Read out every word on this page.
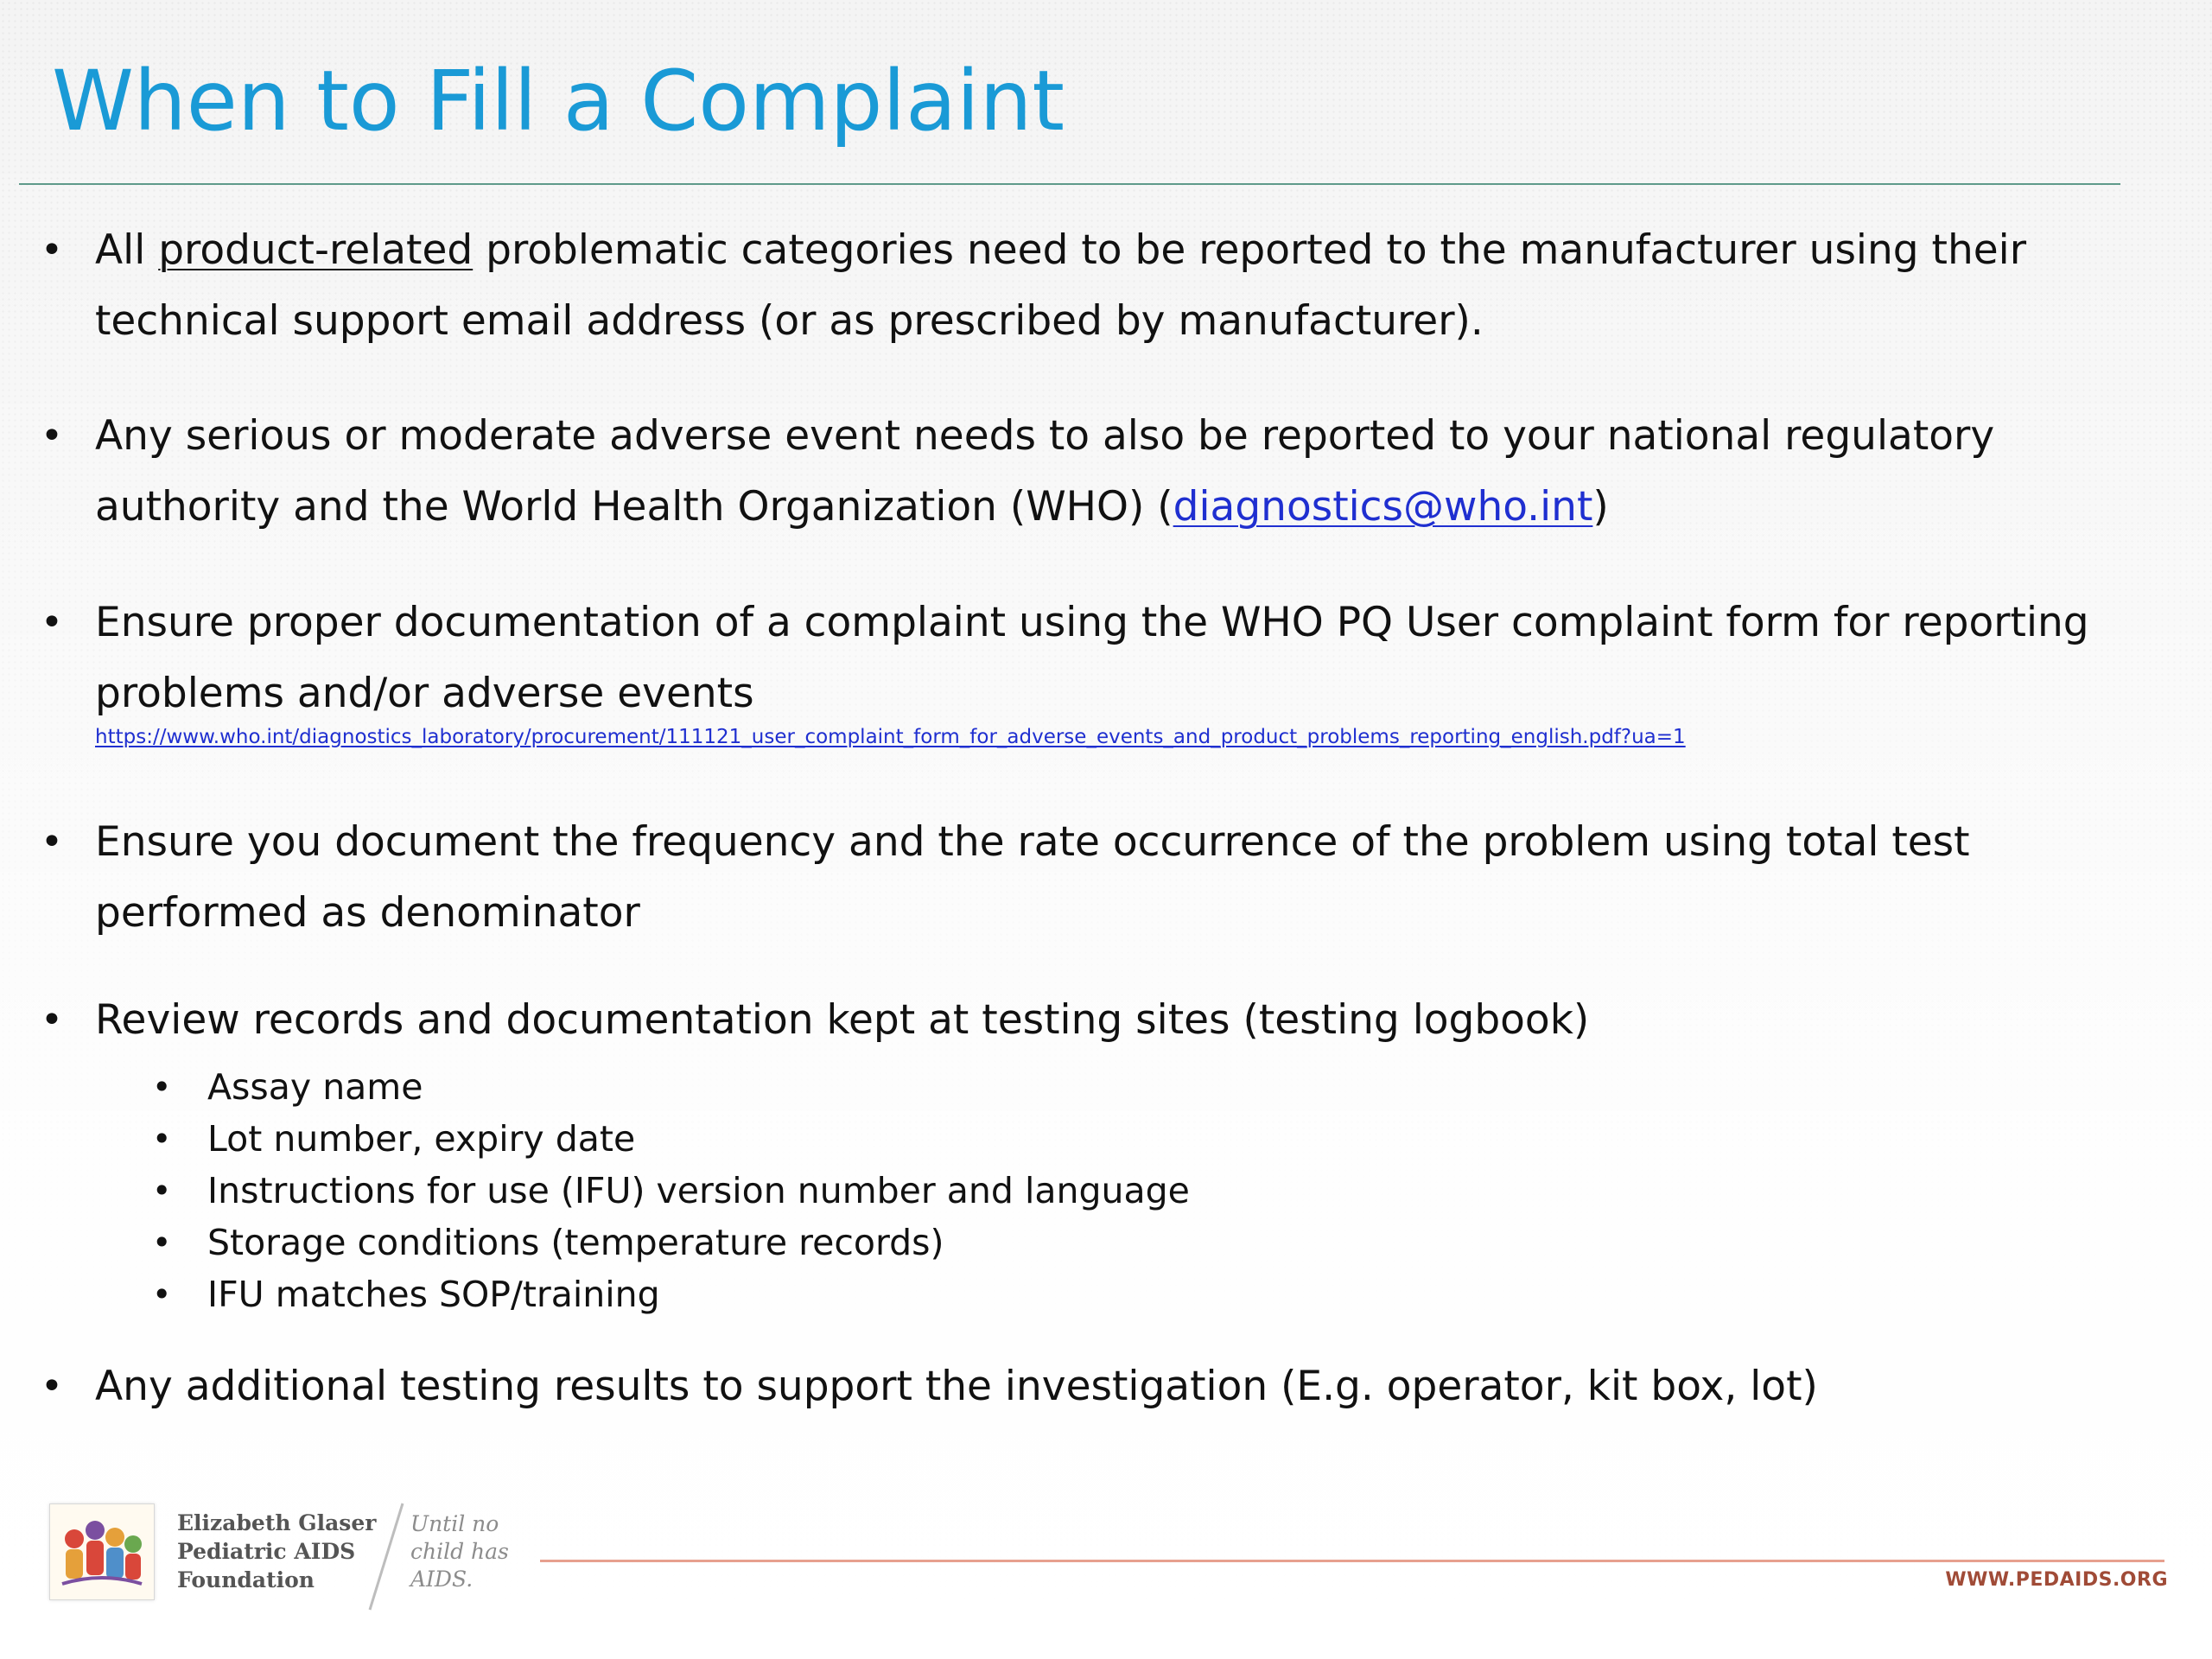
When to Fill a Complaint
• All product-related problematic categories need to be reported to the manufacturer using their technical support email address (or as prescribed by manufacturer).
• Any serious or moderate adverse event needs to also be reported to your national regulatory authority and the World Health Organization (WHO) (diagnostics@who.int)
• Ensure proper documentation of a complaint using the WHO PQ User complaint form for reporting problems and/or adverse events
https://www.who.int/diagnostics_laboratory/procurement/111121_user_complaint_form_for_adverse_events_and_product_problems_reporting_english.pdf?ua=1
• Ensure you document the frequency and the rate occurrence of the problem using total test performed as denominator
• Review records and documentation kept at testing sites (testing logbook)
• Assay name
• Lot number, expiry date
• Instructions for use (IFU) version number and language
• Storage conditions (temperature records)
• IFU matches SOP/training
• Any additional testing results to support the investigation (E.g. operator, kit box, lot)
Elizabeth Glaser
Pediatric AIDS
Foundation
Until no
child has
AIDS.	WWW.PEDAIDS.ORG
